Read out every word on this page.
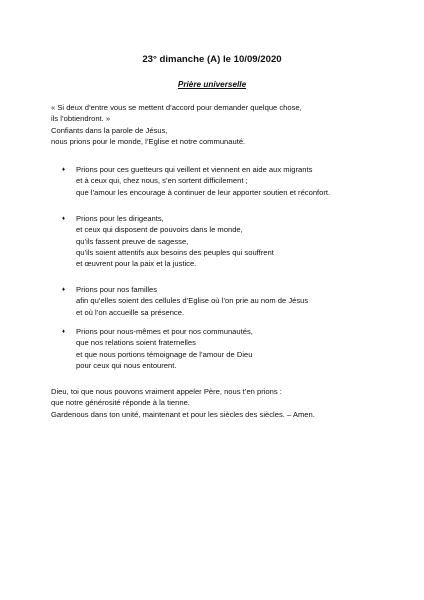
23° dimanche (A) le 10/09/2020
Prière universelle
« Si deux d’entre vous se mettent d’accord pour demander quelque chose,
ils l’obtiendront. »
Confiants dans la parole de Jésus,
nous prions pour le monde, l’Eglise et notre communauté.
♦ Prions pour ces guetteurs qui veillent et viennent en aide aux migrants
et à ceux qui, chez nous, s’en sortent difficilement ;
que l’amour les encourage à continuer de leur apporter soutien et réconfort.
♦ Prions pour les dirigeants,
et ceux qui disposent de pouvoirs dans le monde,
qu’ils fassent preuve de sagesse,
qu’ils soient attentifs aux besoins des peuples qui souffrent
et œuvrent pour la paix et la justice.
♦ Prions pour nos familles
afin qu’elles soient des cellules d’Eglise où l’on prie au nom de Jésus
et où l’on accueille sa présence.
♦ Prions pour nous-mêmes et pour nos communautés,
que nos relations soient fraternelles
et que nous portions témoignage de l’amour de Dieu
pour ceux qui nous entourent.
Dieu, toi que nous pouvons vraiment appeler Père, nous t’en prions :
que notre générosité réponde à la tienne.
Gardenous dans ton unité, maintenant et pour les siècles des siècles. – Amen.
